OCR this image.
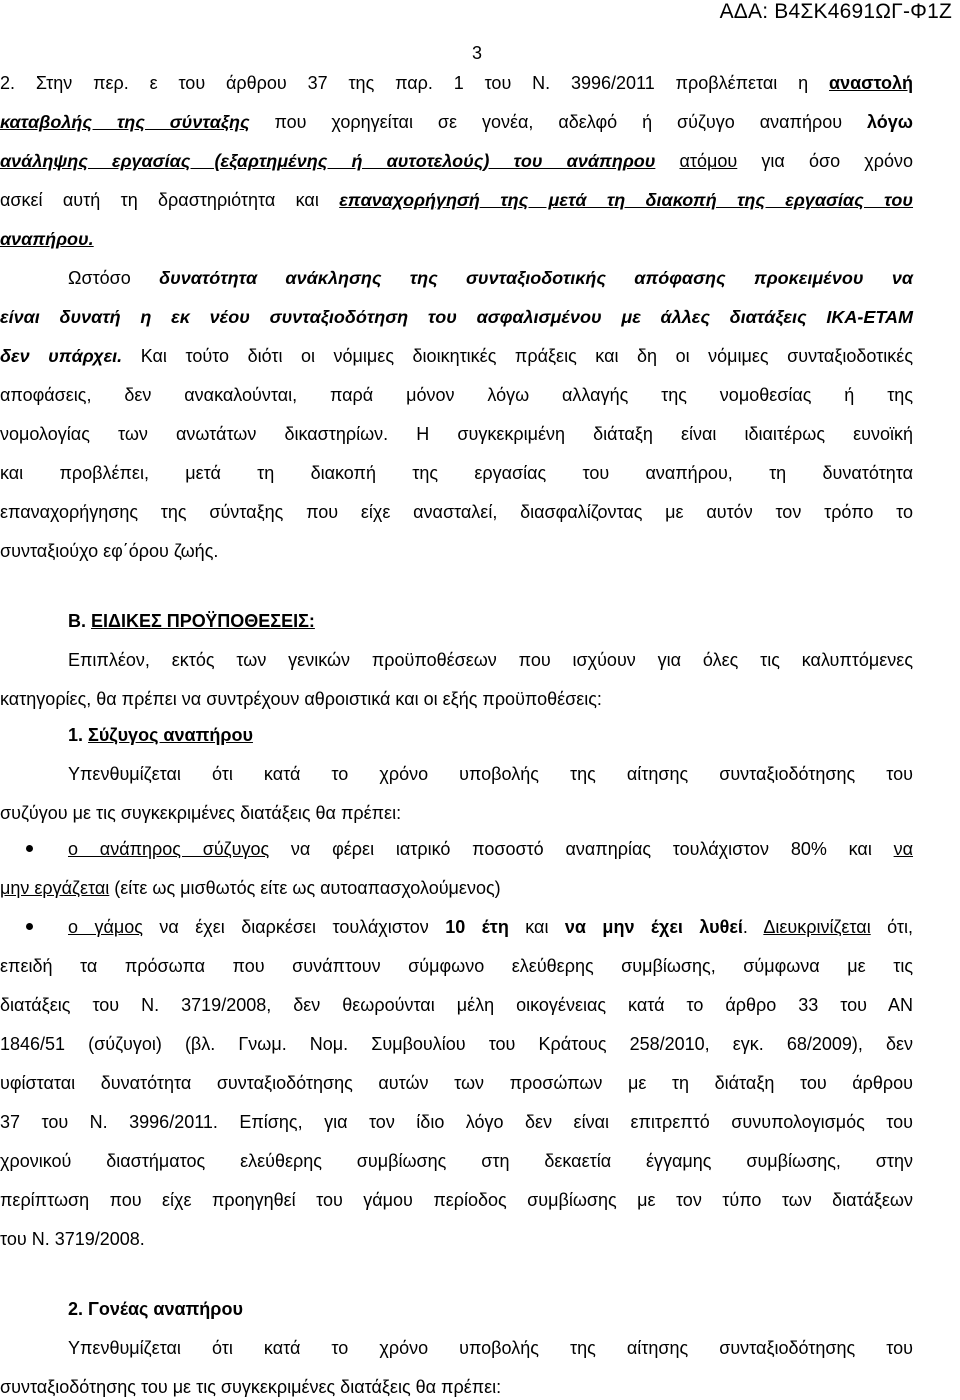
ΑΔΑ: Β4ΣΚ4691ΩΓ-Φ1Ζ
3
2. Στην περ. ε του άρθρου 37 της παρ. 1 του Ν. 3996/2011 προβλέπεται η αναστολή
καταβολής της σύνταξης που χορηγείται σε γονέα, αδελφό ή σύζυγο αναπήρου λόγω
ανάληψης εργασίας (εξαρτημένης ή αυτοτελούς) του ανάπηρου ατόμου για όσο χρόνο
ασκεί αυτή τη δραστηριότητα και επαναχορήγησή της μετά τη διακοπή της εργασίας του
αναπήρου.
Ωστόσο δυνατότητα ανάκλησης της συνταξιοδοτικής απόφασης προκειμένου να
είναι δυνατή η εκ νέου συνταξιοδότηση του ασφαλισμένου με άλλες διατάξεις ΙΚΑ-ΕΤΑΜ
δεν υπάρχει. Και τούτο διότι οι νόμιμες διοικητικές πράξεις και δη οι νόμιμες συνταξιοδοτικές
αποφάσεις, δεν ανακαλούνται, παρά μόνον λόγω αλλαγής της νομοθεσίας ή της
νομολογίας των ανωτάτων δικαστηρίων. Η συγκεκριμένη διάταξη είναι ιδιαιτέρως ευνοϊκή
και προβλέπει, μετά τη διακοπή της εργασίας του αναπήρου, τη δυνατότητα
επαναχορήγησης της σύνταξης που είχε ανασταλεί, διασφαλίζοντας με αυτόν τον τρόπο το
συνταξιούχο εφ΄όρου ζωής.
Β. ΕΙΔΙΚΕΣ ΠΡΟΫΠΟΘΕΣΕΙΣ:
Επιπλέον, εκτός των γενικών προϋποθέσεων που ισχύουν για όλες τις καλυπτόμενες
κατηγορίες, θα πρέπει να συντρέχουν αθροιστικά και οι εξής προϋποθέσεις:
1. Σύζυγος αναπήρου
Υπενθυμίζεται ότι κατά το χρόνο υποβολής της αίτησης συνταξιοδότησης του
συζύγου με τις συγκεκριμένες διατάξεις θα πρέπει:
ο ανάπηρος σύζυγος να φέρει ιατρικό ποσοστό αναπηρίας τουλάχιστον 80% και να
μην εργάζεται (είτε ως μισθωτός είτε ως αυτοαπασχολούμενος)
ο γάμος να έχει διαρκέσει τουλάχιστον 10 έτη και να μην έχει λυθεί. Διευκρινίζεται ότι,
επειδή τα πρόσωπα που συνάπτουν σύμφωνο ελεύθερης συμβίωσης, σύμφωνα με τις
διατάξεις του Ν. 3719/2008, δεν θεωρούνται μέλη οικογένειας κατά το άρθρο 33 του ΑΝ
1846/51 (σύζυγοι) (βλ. Γνωμ. Νομ. Συμβουλίου του Κράτους 258/2010, εγκ. 68/2009), δεν
υφίσταται δυνατότητα συνταξιοδότησης αυτών των προσώπων με τη διάταξη του άρθρου
37 του Ν. 3996/2011. Επίσης, για τον ίδιο λόγο δεν είναι επιτρεπτό συνυπολογισμός του
χρονικού διαστήματος ελεύθερης συμβίωσης στη δεκαετία έγγαμης συμβίωσης, στην
περίπτωση που είχε προηγηθεί του γάμου περίοδος συμβίωσης με τον τύπο των διατάξεων
του Ν. 3719/2008.
2. Γονέας αναπήρου
Υπενθυμίζεται ότι κατά το χρόνο υποβολής της αίτησης συνταξιοδότησης του
συνταξιοδότησης του με τις συγκεκριμένες διατάξεις θα πρέπει:
